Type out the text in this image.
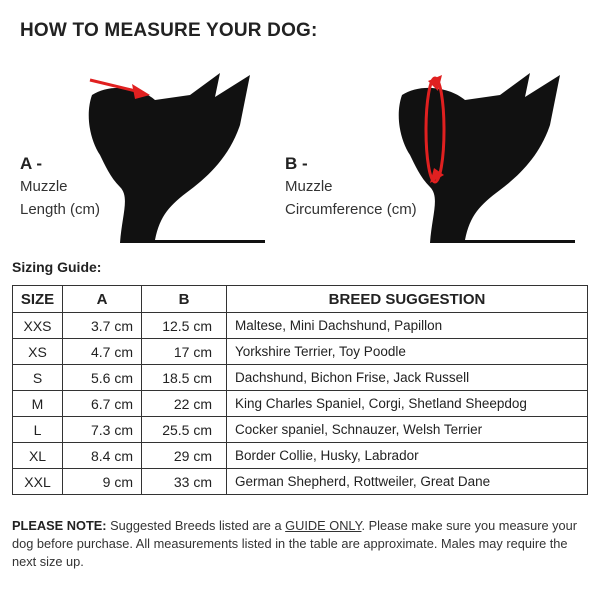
HOW TO MEASURE YOUR DOG:
A -
Muzzle
Length (cm)
B -
Muzzle
Circumference (cm)
Sizing Guide:
SIZE	A	B	BREED SUGGESTION
XXS	3.7 cm	12.5 cm	Maltese, Mini Dachshund, Papillon
XS	4.7 cm	17 cm	Yorkshire Terrier, Toy Poodle
S	5.6 cm	18.5 cm	Dachshund, Bichon Frise, Jack Russell
M	6.7 cm	22 cm	King Charles Spaniel, Corgi, Shetland Sheepdog
L	7.3 cm	25.5 cm	Cocker spaniel, Schnauzer, Welsh Terrier
XL	8.4 cm	29 cm	Border Collie, Husky, Labrador
XXL	9 cm	33 cm	German Shepherd, Rottweiler, Great Dane
PLEASE NOTE: Suggested Breeds listed are a GUIDE ONLY. Please make sure you measure your dog before purchase. All measurements listed in the table are approximate. Males may require the next size up.
